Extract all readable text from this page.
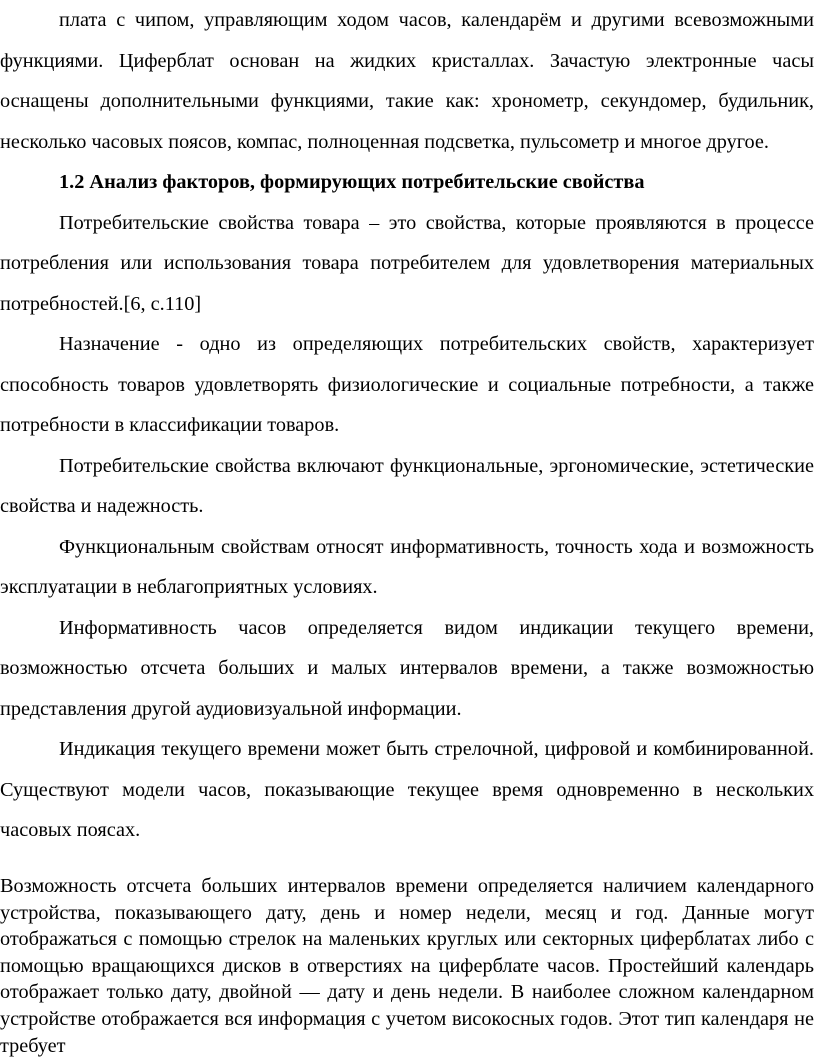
плата с чипом, управляющим ходом часов, календарём и другими всевозможными функциями. Циферблат основан на жидких кристаллах. Зачастую электронные часы оснащены дополнительными функциями, такие как: хронометр, секундомер, будильник, несколько часовых поясов, компас, полноценная подсветка, пульсометр и многое другое.

1.2 Анализ факторов, формирующих потребительские свойства

Потребительские свойства товара – это свойства, которые проявляются в процессе потребления или использования товара потребителем для удовлетворения материальных потребностей.[6, с.110]

Назначение - одно из определяющих потребительских свойств, характеризует способность товаров удовлетворять физиологические и социальные потребности, а также потребности в классификации товаров.

Потребительские свойства включают функциональные, эргономические, эстетические свойства и надежность.

Функциональным свойствам относят информативность, точность хода и возможность эксплуатации в неблагоприятных условиях.

Информативность часов определяется видом индикации текущего времени, возможностью отсчета больших и малых интервалов времени, а также возможностью представления другой аудиовизуальной информации.

Индикация текущего времени может быть стрелочной, цифровой и комбинированной. Существуют модели часов, показывающие текущее время одновременно в нескольких часовых поясах.

Возможность отсчета больших интервалов времени определяется наличием календарного устройства, показывающего дату, день и номер недели, месяц и год. Данные могут отображаться с помощью стрелок на маленьких круглых или секторных циферблатах либо с помощью вращающихся дисков в отверстиях на циферблате часов. Простейший календарь отображает только дату, двойной — дату и день недели. В наиболее сложном календарном устройстве отображается вся информация с учетом високосных годов. Этот тип календаря не требует
